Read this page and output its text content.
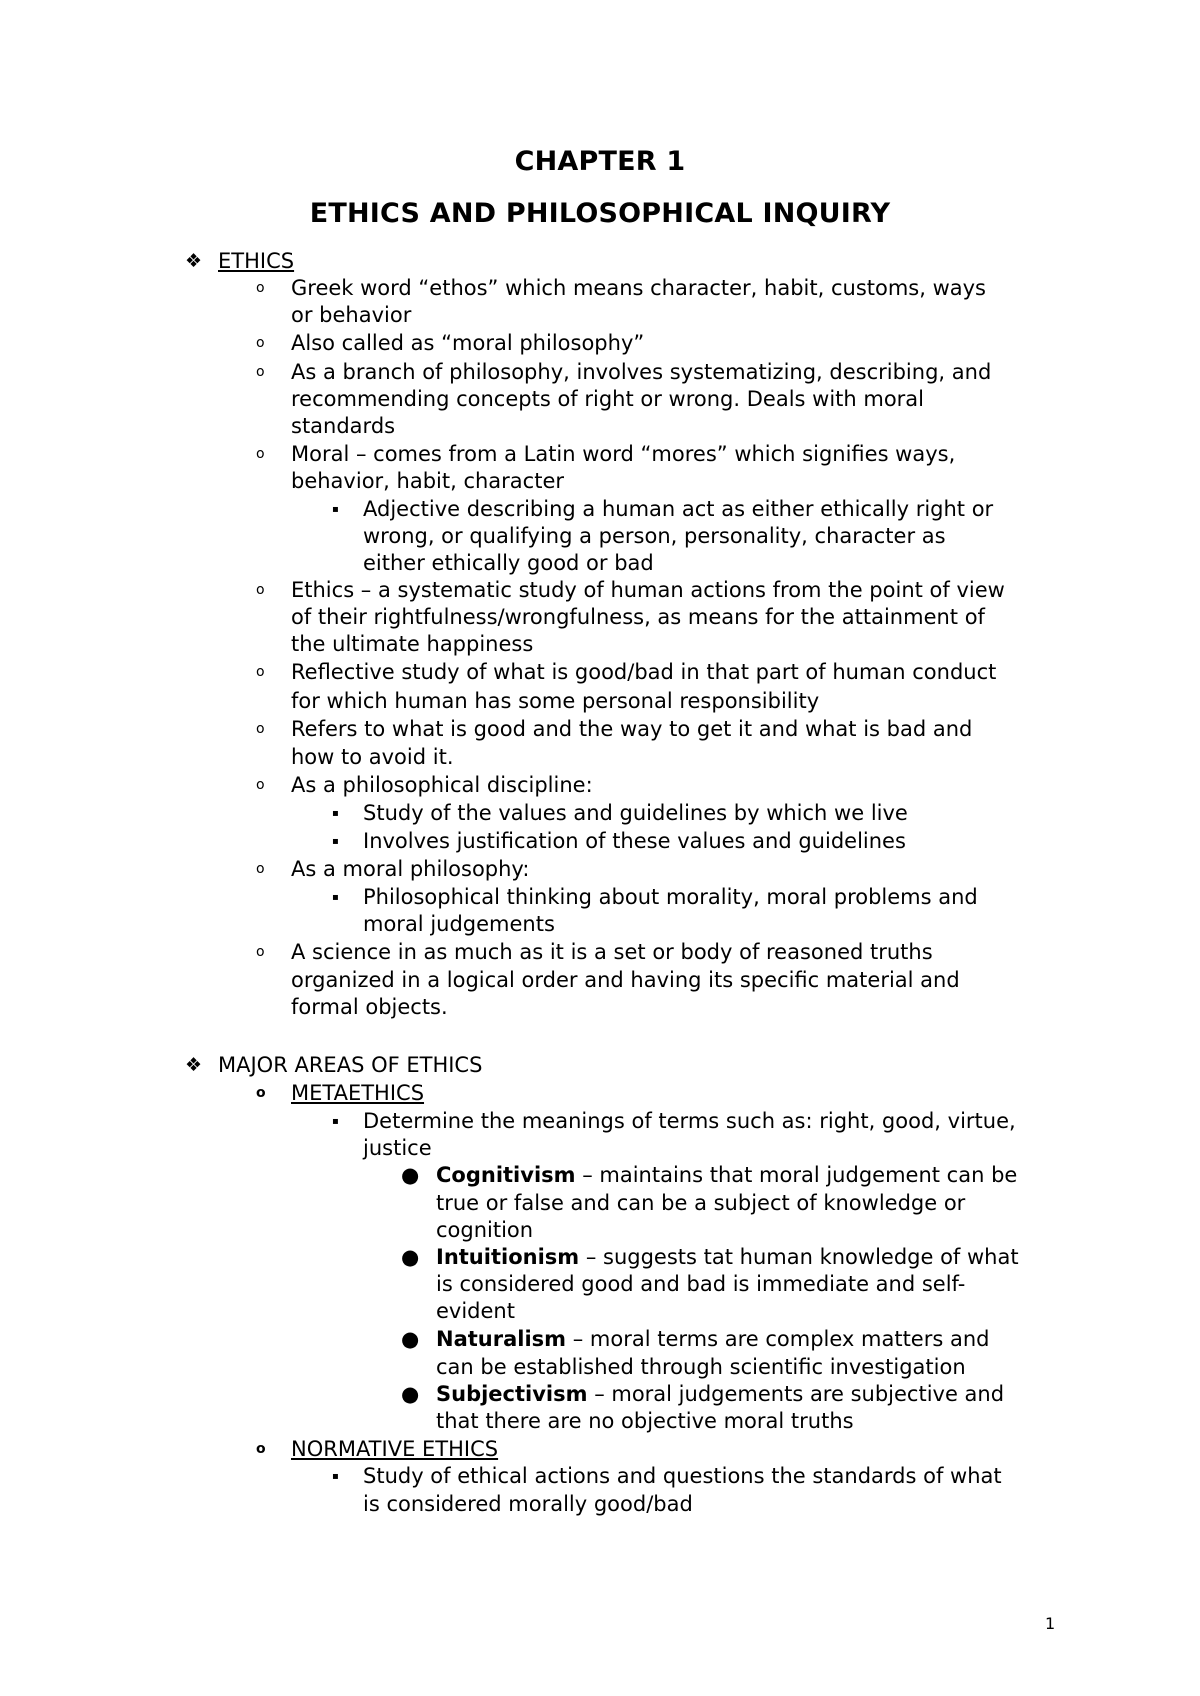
CHAPTER 1
ETHICS AND PHILOSOPHICAL INQUIRY
❖ ETHICS
o Greek word “ethos” which means character, habit, customs, ways
or behavior
o Also called as “moral philosophy”
o As a branch of philosophy, involves systematizing, describing, and
recommending concepts of right or wrong. Deals with moral
standards
o Moral – comes from a Latin word “mores” which signifies ways,
behavior, habit, character
▪ Adjective describing a human act as either ethically right or
wrong, or qualifying a person, personality, character as
either ethically good or bad
o Ethics – a systematic study of human actions from the point of view
of their rightfulness/wrongfulness, as means for the attainment of
the ultimate happiness
o Reflective study of what is good/bad in that part of human conduct
for which human has some personal responsibility
o Refers to what is good and the way to get it and what is bad and
how to avoid it.
o As a philosophical discipline:
▪ Study of the values and guidelines by which we live
▪ Involves justification of these values and guidelines
o As a moral philosophy:
▪ Philosophical thinking about morality, moral problems and
moral judgements
o A science in as much as it is a set or body of reasoned truths
organized in a logical order and having its specific material and
formal objects.
❖ MAJOR AREAS OF ETHICS
o METAETHICS
▪ Determine the meanings of terms such as: right, good, virtue,
justice
● Cognitivism – maintains that moral judgement can be
true or false and can be a subject of knowledge or
cognition
● Intuitionism – suggests tat human knowledge of what
is considered good and bad is immediate and self-
evident
● Naturalism – moral terms are complex matters and
can be established through scientific investigation
● Subjectivism – moral judgements are subjective and
that there are no objective moral truths
o NORMATIVE ETHICS
▪ Study of ethical actions and questions the standards of what
is considered morally good/bad
1
